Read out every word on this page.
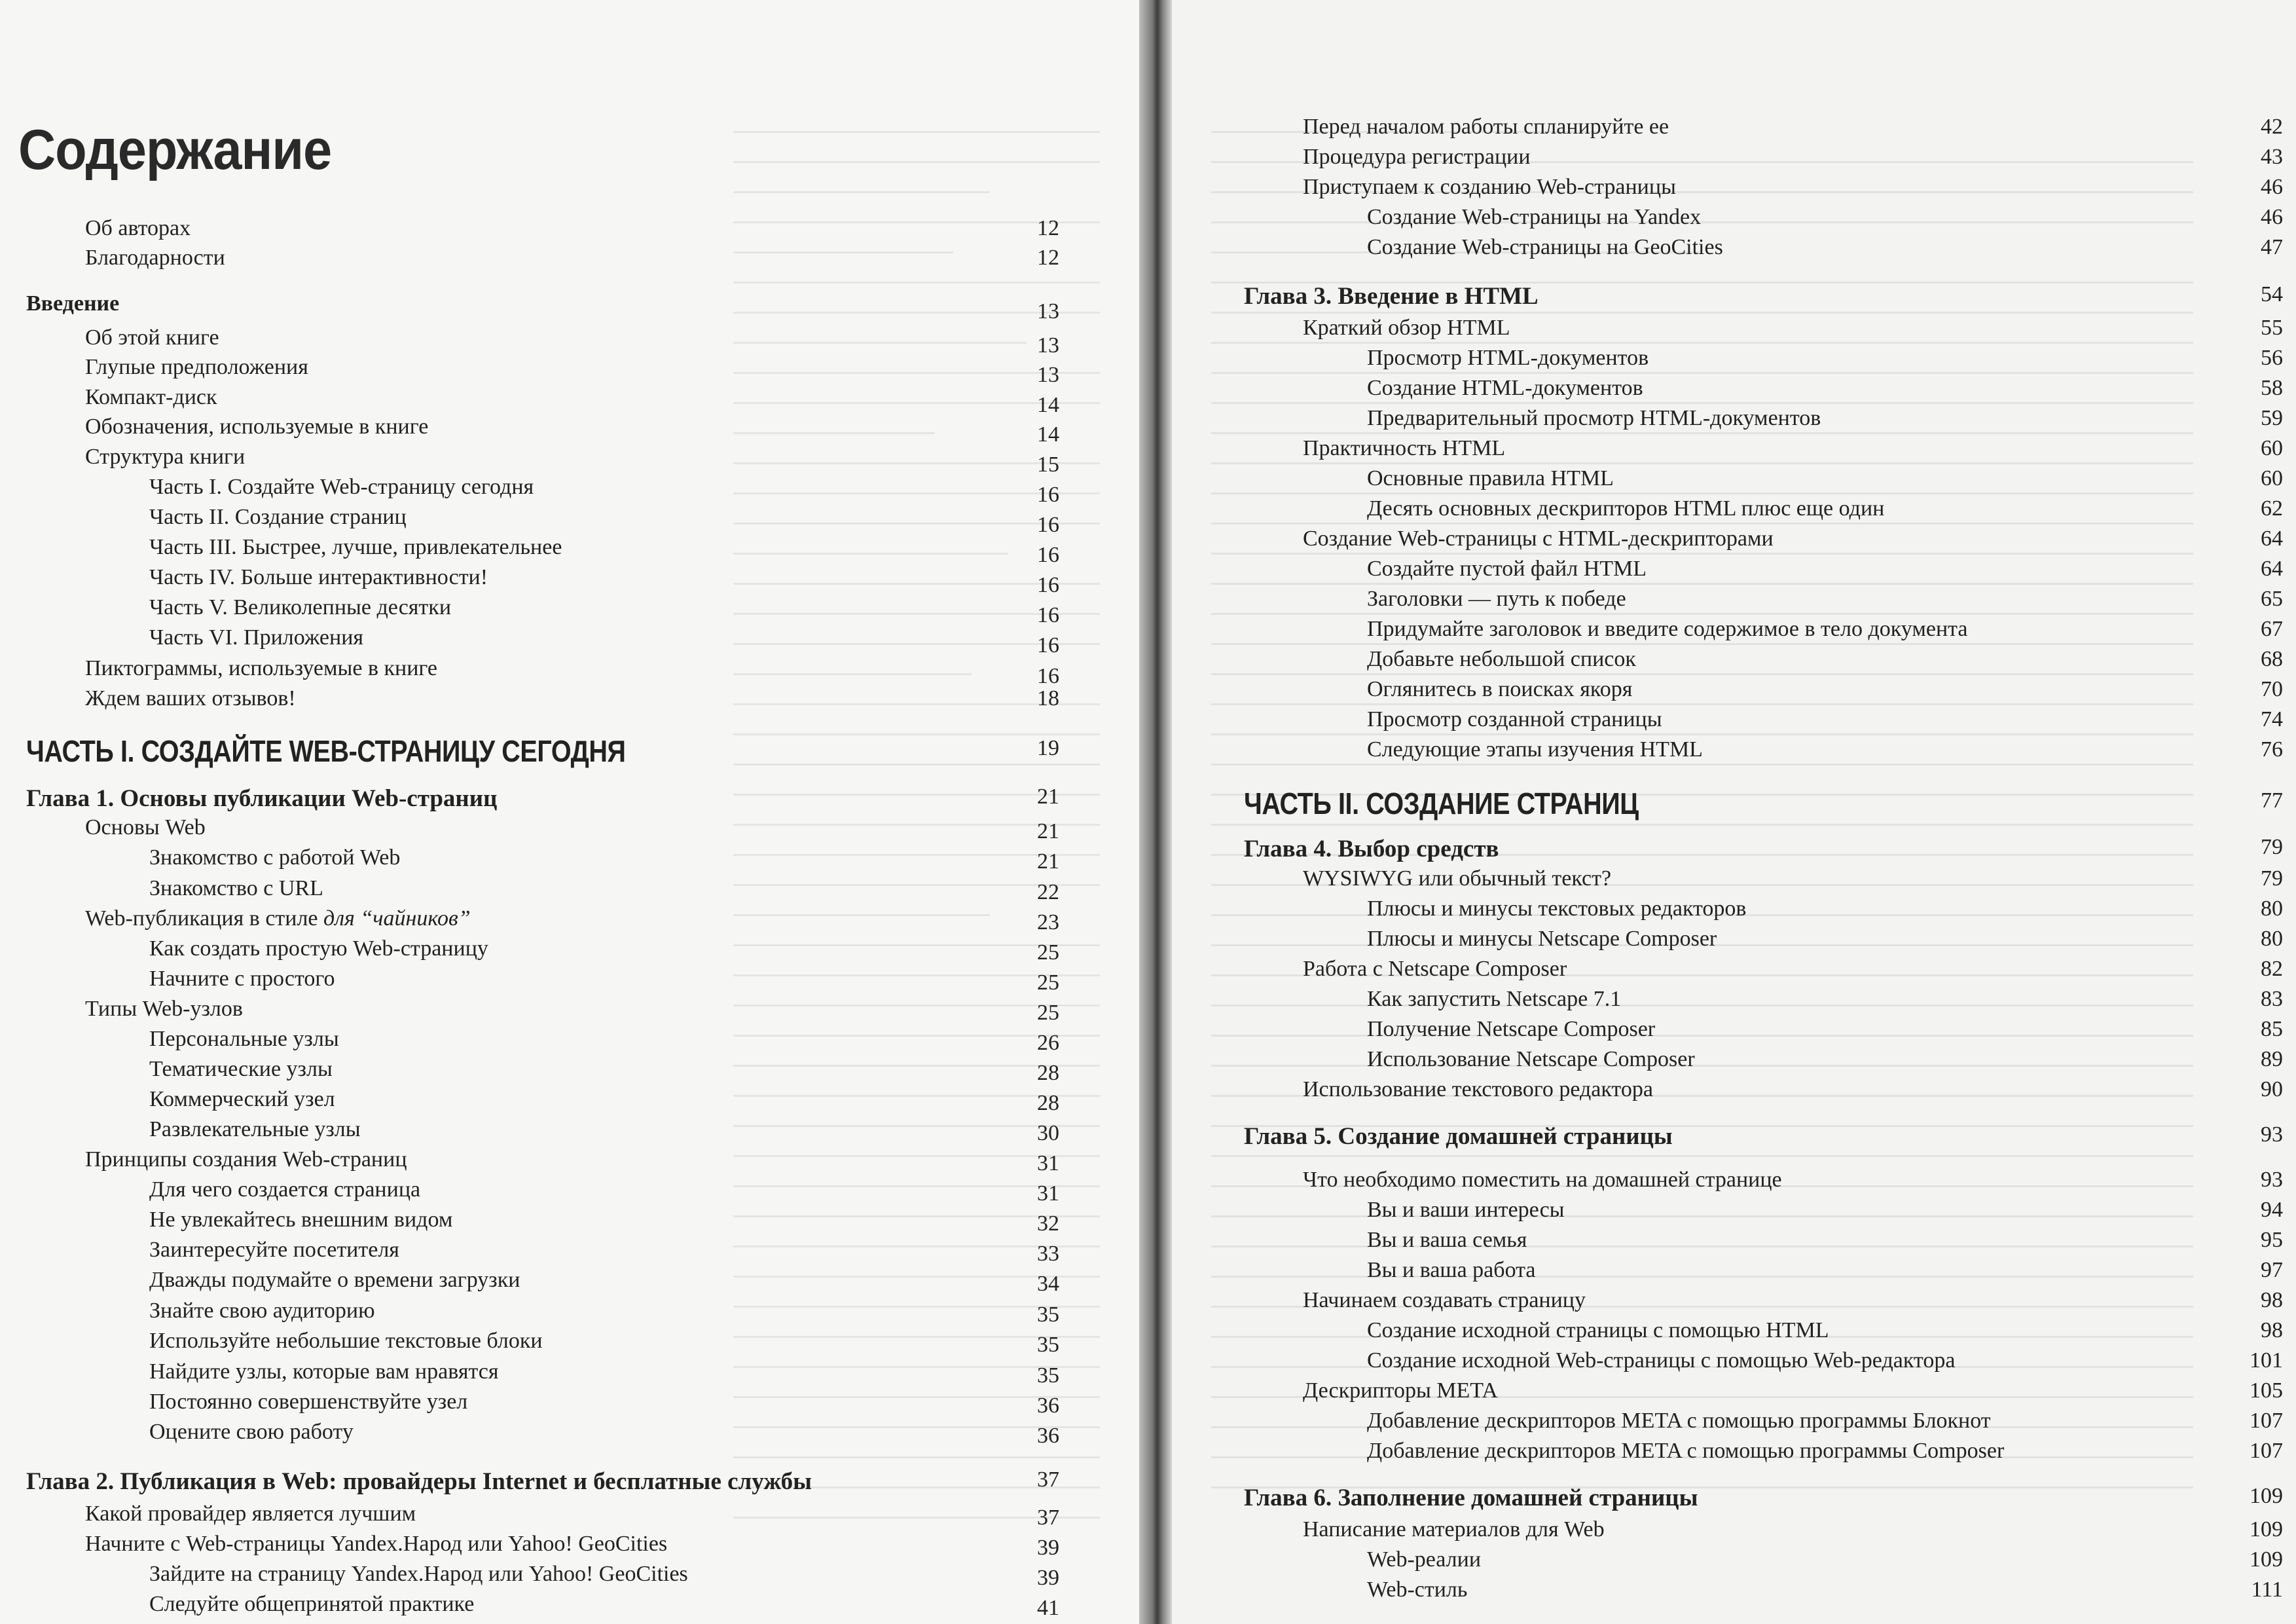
Содержание
Об авторах	12
Благодарности	12
Введение	13
Об этой книге	13
Глупые предположения	13
Компакт-диск	14
Обозначения, используемые в книге	14
Структура книги	15
Часть I. Создайте Web-страницу сегодня	16
Часть II. Создание страниц	16
Часть III. Быстрее, лучше, привлекательнее	16
Часть IV. Больше интерактивности!	16
Часть V. Великолепные десятки	16
Часть VI. Приложения	16
Пиктограммы, используемые в книге	16
Ждем ваших отзывов!	18
ЧАСТЬ I. СОЗДАЙТЕ WEB-СТРАНИЦУ СЕГОДНЯ	19
Глава 1. Основы публикации Web-страниц	21
Основы Web	21
Знакомство с работой Web	21
Знакомство с URL	22
Web-публикация в стиле для “чайников”	23
Как создать простую Web-страницу	25
Начните с простого	25
Типы Web-узлов	25
Персональные узлы	26
Тематические узлы	28
Коммерческий узел	28
Развлекательные узлы	30
Принципы создания Web-страниц	31
Для чего создается страница	31
Не увлекайтесь внешним видом	32
Заинтересуйте посетителя	33
Дважды подумайте о времени загрузки	34
Знайте свою аудиторию	35
Используйте небольшие текстовые блоки	35
Найдите узлы, которые вам нравятся	35
Постоянно совершенствуйте узел	36
Оцените свою работу	36
Глава 2. Публикация в Web: провайдеры Internet и бесплатные службы	37
Какой провайдер является лучшим	37
Начните с Web-страницы Yandex.Народ или Yahoo! GeoCities	39
Зайдите на страницу Yandex.Народ или Yahoo! GeoCities	39
Следуйте общепринятой практике	41
Перед началом работы спланируйте ее	42
Процедура регистрации	43
Приступаем к созданию Web-страницы	46
Создание Web-страницы на Yandex	46
Создание Web-страницы на GeoCities	47
Глава 3. Введение в HTML	54
Краткий обзор HTML	55
Просмотр HTML-документов	56
Создание HTML-документов	58
Предварительный просмотр HTML-документов	59
Практичность HTML	60
Основные правила HTML	60
Десять основных дескрипторов HTML плюс еще один	62
Создание Web-страницы с HTML-дескрипторами	64
Создайте пустой файл HTML	64
Заголовки — путь к победе	65
Придумайте заголовок и введите содержимое в тело документа	67
Добавьте небольшой список	68
Оглянитесь в поисках якоря	70
Просмотр созданной страницы	74
Следующие этапы изучения HTML	76
ЧАСТЬ II. СОЗДАНИЕ СТРАНИЦ	77
Глава 4. Выбор средств	79
WYSIWYG или обычный текст?	79
Плюсы и минусы текстовых редакторов	80
Плюсы и минусы Netscape Composer	80
Работа с Netscape Composer	82
Как запустить Netscape 7.1	83
Получение Netscape Composer	85
Использование Netscape Composer	89
Использование текстового редактора	90
Глава 5. Создание домашней страницы	93
Что необходимо поместить на домашней странице	93
Вы и ваши интересы	94
Вы и ваша семья	95
Вы и ваша работа	97
Начинаем создавать страницу	98
Создание исходной страницы с помощью HTML	98
Создание исходной Web-страницы с помощью Web-редактора	101
Дескрипторы META	105
Добавление дескрипторов META с помощью программы Блокнот	107
Добавление дескрипторов META с помощью программы Composer	107
Глава 6. Заполнение домашней страницы	109
Написание материалов для Web	109
Web-реалии	109
Web-стиль	111
